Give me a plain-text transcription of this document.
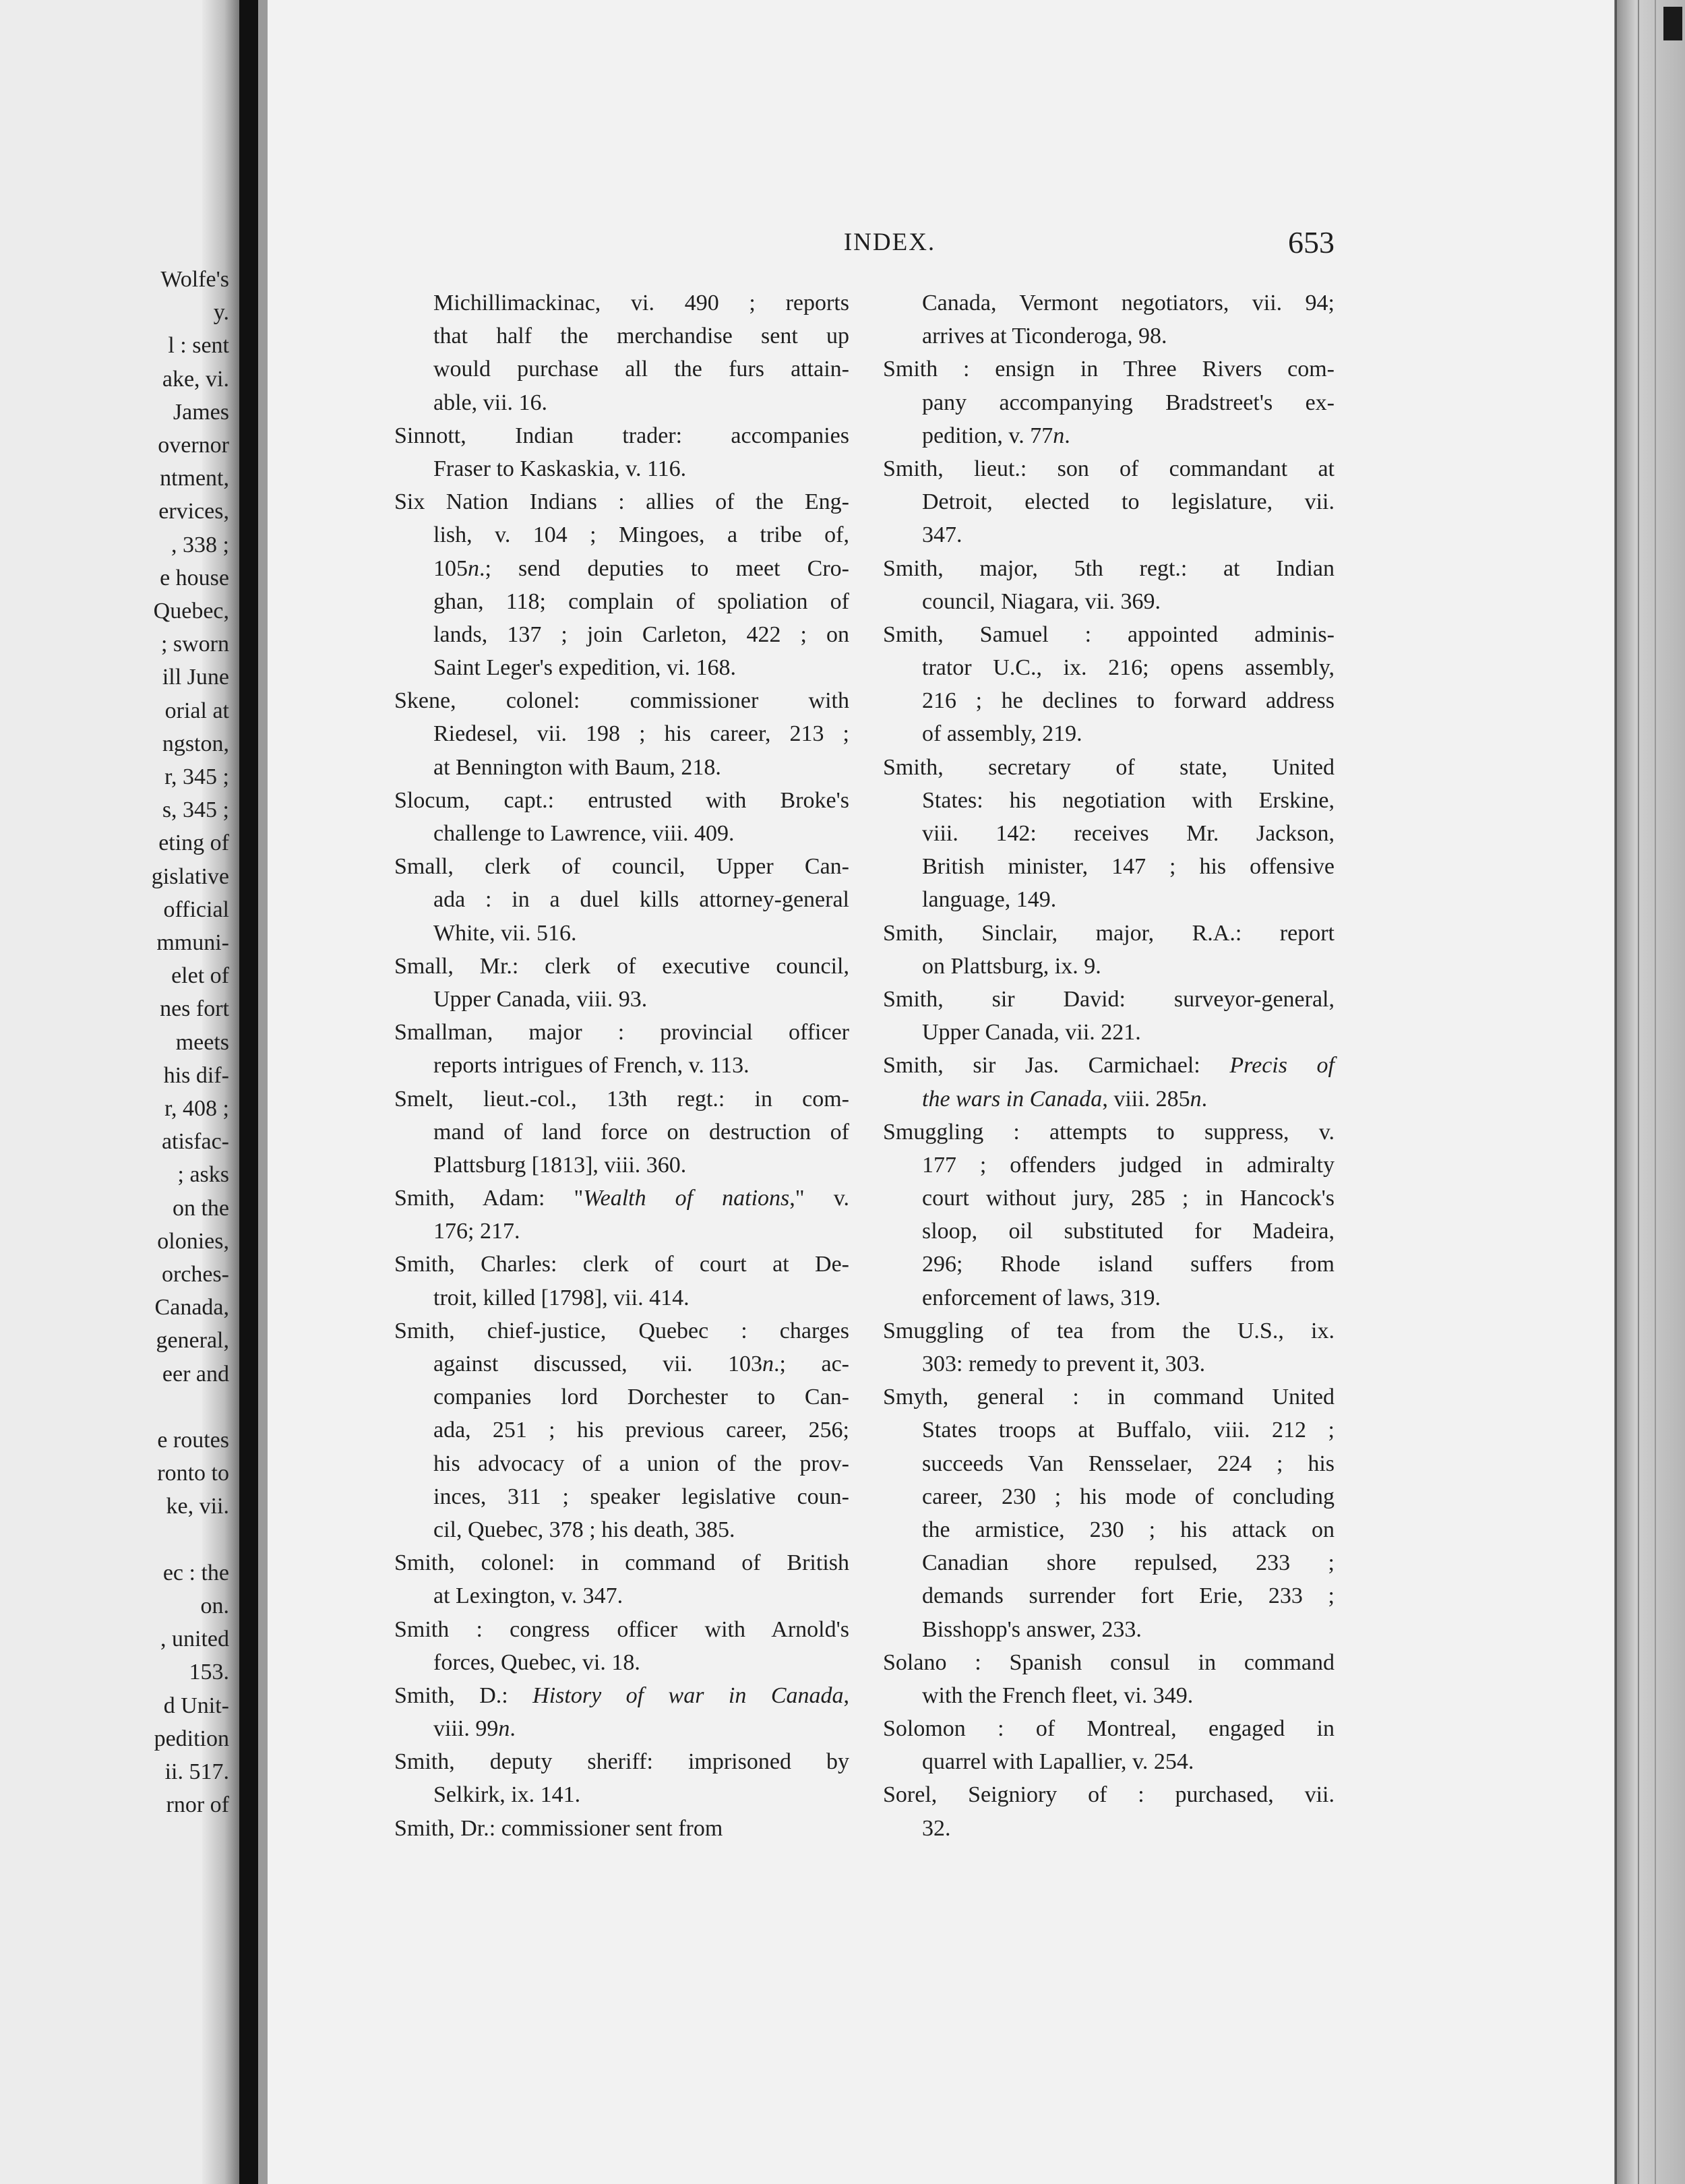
Wolfe's
y.
l : sent
ake, vi.
James
overnor
ntment,
ervices,
, 338 ;
e house
Quebec,
; sworn
ill June
orial at
ngston,
r, 345 ;
s, 345 ;
eting of
gislative
official
mmuni-
elet of
nes fort
meets
his dif-
r, 408 ;
atisfac-
; asks
on the
olonies,
orches-
Canada,
general,
eer and
e routes
ronto to
ke, vii.
ec : the
on.
, united
153.
d Unit-
pedition
ii. 517.
rnor of
INDEX.	653
Michillimackinac, vi. 490 ; reports
that half the merchandise sent up
would purchase all the furs attain-
able, vii. 16.
Sinnott, Indian trader: accompanies
Fraser to Kaskaskia, v. 116.
Six Nation Indians : allies of the Eng-
lish, v. 104 ; Mingoes, a tribe of,
105n.; send deputies to meet Cro-
ghan, 118; complain of spoliation of
lands, 137 ; join Carleton, 422 ; on
Saint Leger's expedition, vi. 168.
Skene, colonel: commissioner with
Riedesel, vii. 198 ; his career, 213 ;
at Bennington with Baum, 218.
Slocum, capt.: entrusted with Broke's
challenge to Lawrence, viii. 409.
Small, clerk of council, Upper Can-
ada : in a duel kills attorney-general
White, vii. 516.
Small, Mr.: clerk of executive council,
Upper Canada, viii. 93.
Smallman, major : provincial officer
reports intrigues of French, v. 113.
Smelt, lieut.-col., 13th regt.: in com-
mand of land force on destruction of
Plattsburg [1813], viii. 360.
Smith, Adam: "Wealth of nations," v.
176; 217.
Smith, Charles: clerk of court at De-
troit, killed [1798], vii. 414.
Smith, chief-justice, Quebec : charges
against discussed, vii. 103n.; ac-
companies lord Dorchester to Can-
ada, 251 ; his previous career, 256;
his advocacy of a union of the prov-
inces, 311 ; speaker legislative coun-
cil, Quebec, 378 ; his death, 385.
Smith, colonel: in command of British
at Lexington, v. 347.
Smith : congress officer with Arnold's
forces, Quebec, vi. 18.
Smith, D.: History of war in Canada,
viii. 99n.
Smith, deputy sheriff: imprisoned by
Selkirk, ix. 141.
Smith, Dr.: commissioner sent from
Canada, Vermont negotiators, vii. 94;
arrives at Ticonderoga, 98.
Smith : ensign in Three Rivers com-
pany accompanying Bradstreet's ex-
pedition, v. 77n.
Smith, lieut.: son of commandant at
Detroit, elected to legislature, vii.
347.
Smith, major, 5th regt.: at Indian
council, Niagara, vii. 369.
Smith, Samuel : appointed adminis-
trator U.C., ix. 216; opens assembly,
216 ; he declines to forward address
of assembly, 219.
Smith, secretary of state, United
States: his negotiation with Erskine,
viii. 142: receives Mr. Jackson,
British minister, 147 ; his offensive
language, 149.
Smith, Sinclair, major, R.A.: report
on Plattsburg, ix. 9.
Smith, sir David: surveyor-general,
Upper Canada, vii. 221.
Smith, sir Jas. Carmichael: Precis of
the wars in Canada, viii. 285n.
Smuggling : attempts to suppress, v.
177 ; offenders judged in admiralty
court without jury, 285 ; in Hancock's
sloop, oil substituted for Madeira,
296; Rhode island suffers from
enforcement of laws, 319.
Smuggling of tea from the U.S., ix.
303: remedy to prevent it, 303.
Smyth, general : in command United
States troops at Buffalo, viii. 212 ;
succeeds Van Rensselaer, 224 ; his
career, 230 ; his mode of concluding
the armistice, 230 ; his attack on
Canadian shore repulsed, 233 ;
demands surrender fort Erie, 233 ;
Bisshopp's answer, 233.
Solano : Spanish consul in command
with the French fleet, vi. 349.
Solomon : of Montreal, engaged in
quarrel with Lapallier, v. 254.
Sorel, Seigniory of : purchased, vii.
32.
